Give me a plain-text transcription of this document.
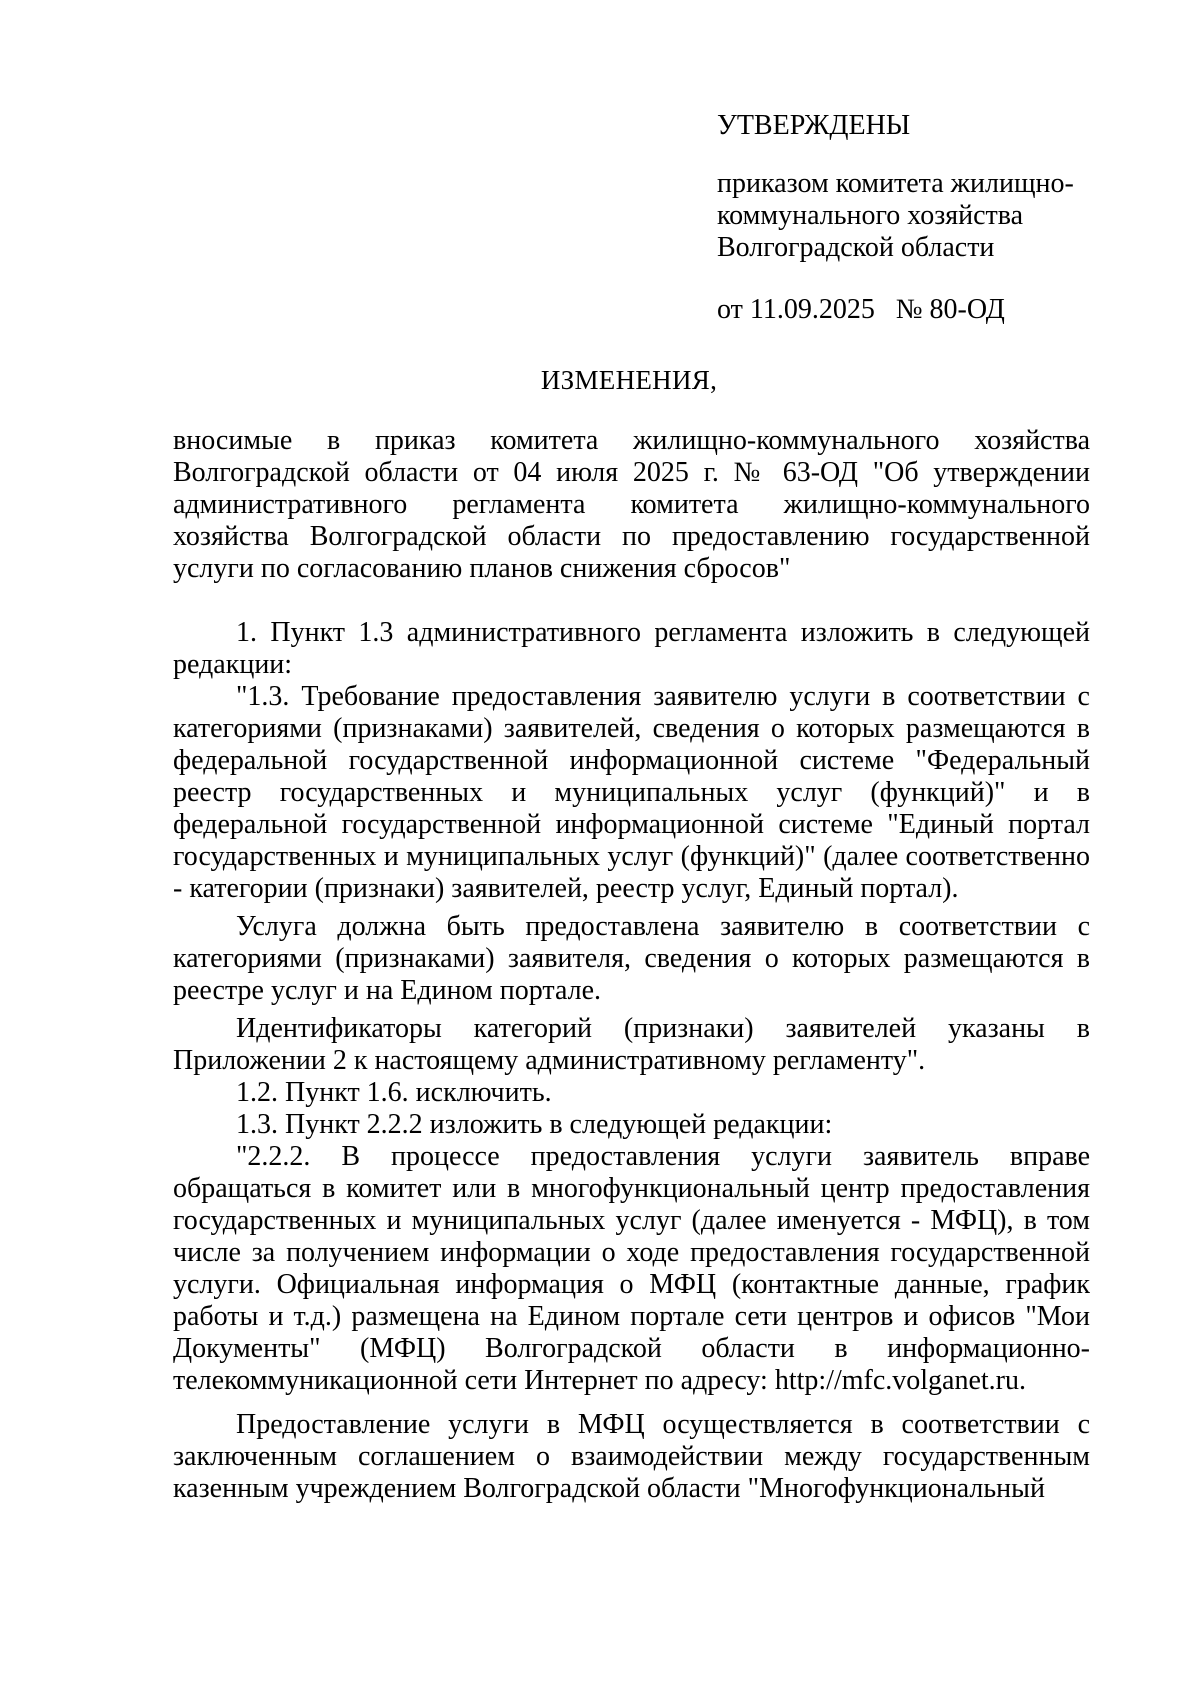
УТВЕРЖДЕНЫ
приказом комитета жилищно-
коммунального хозяйства
Волгоградской области
от 11.09.2025   № 80-ОД
ИЗМЕНЕНИЯ,
вносимые в приказ комитета жилищно-коммунального хозяйства Волгоградской области от 04 июля 2025 г. № 63-ОД "Об утверждении административного регламента комитета жилищно-коммунального хозяйства Волгоградской области по предоставлению государственной услуги по согласованию планов снижения сбросов"

1. Пункт 1.3 административного регламента изложить в следующей редакции:

"1.3. Требование предоставления заявителю услуги в соответствии с категориями (признаками) заявителей, сведения о которых размещаются в федеральной государственной информационной системе "Федеральный реестр государственных и муниципальных услуг (функций)" и в федеральной государственной информационной системе "Единый портал государственных и муниципальных услуг (функций)" (далее соответственно - категории (признаки) заявителей, реестр услуг, Единый портал).

Услуга должна быть предоставлена заявителю в соответствии с категориями (признаками) заявителя, сведения о которых размещаются в реестре услуг и на Едином портале.

Идентификаторы категорий (признаки) заявителей указаны в Приложении 2 к настоящему административному регламенту".

1.2. Пункт 1.6. исключить.

1.3. Пункт 2.2.2 изложить в следующей редакции:

"2.2.2. В процессе предоставления услуги заявитель вправе обращаться в комитет или в многофункциональный центр предоставления государственных и муниципальных услуг (далее именуется - МФЦ), в том числе за получением информации о ходе предоставления государственной услуги. Официальная информация о МФЦ (контактные данные, график работы и т.д.) размещена на Едином портале сети центров и офисов "Мои Документы" (МФЦ) Волгоградской области в информационно-телекоммуникационной сети Интернет по адресу: http://mfc.volganet.ru.

Предоставление услуги в МФЦ осуществляется в соответствии с заключенным соглашением о взаимодействии между государственным казенным учреждением Волгоградской области "Многофункциональный
